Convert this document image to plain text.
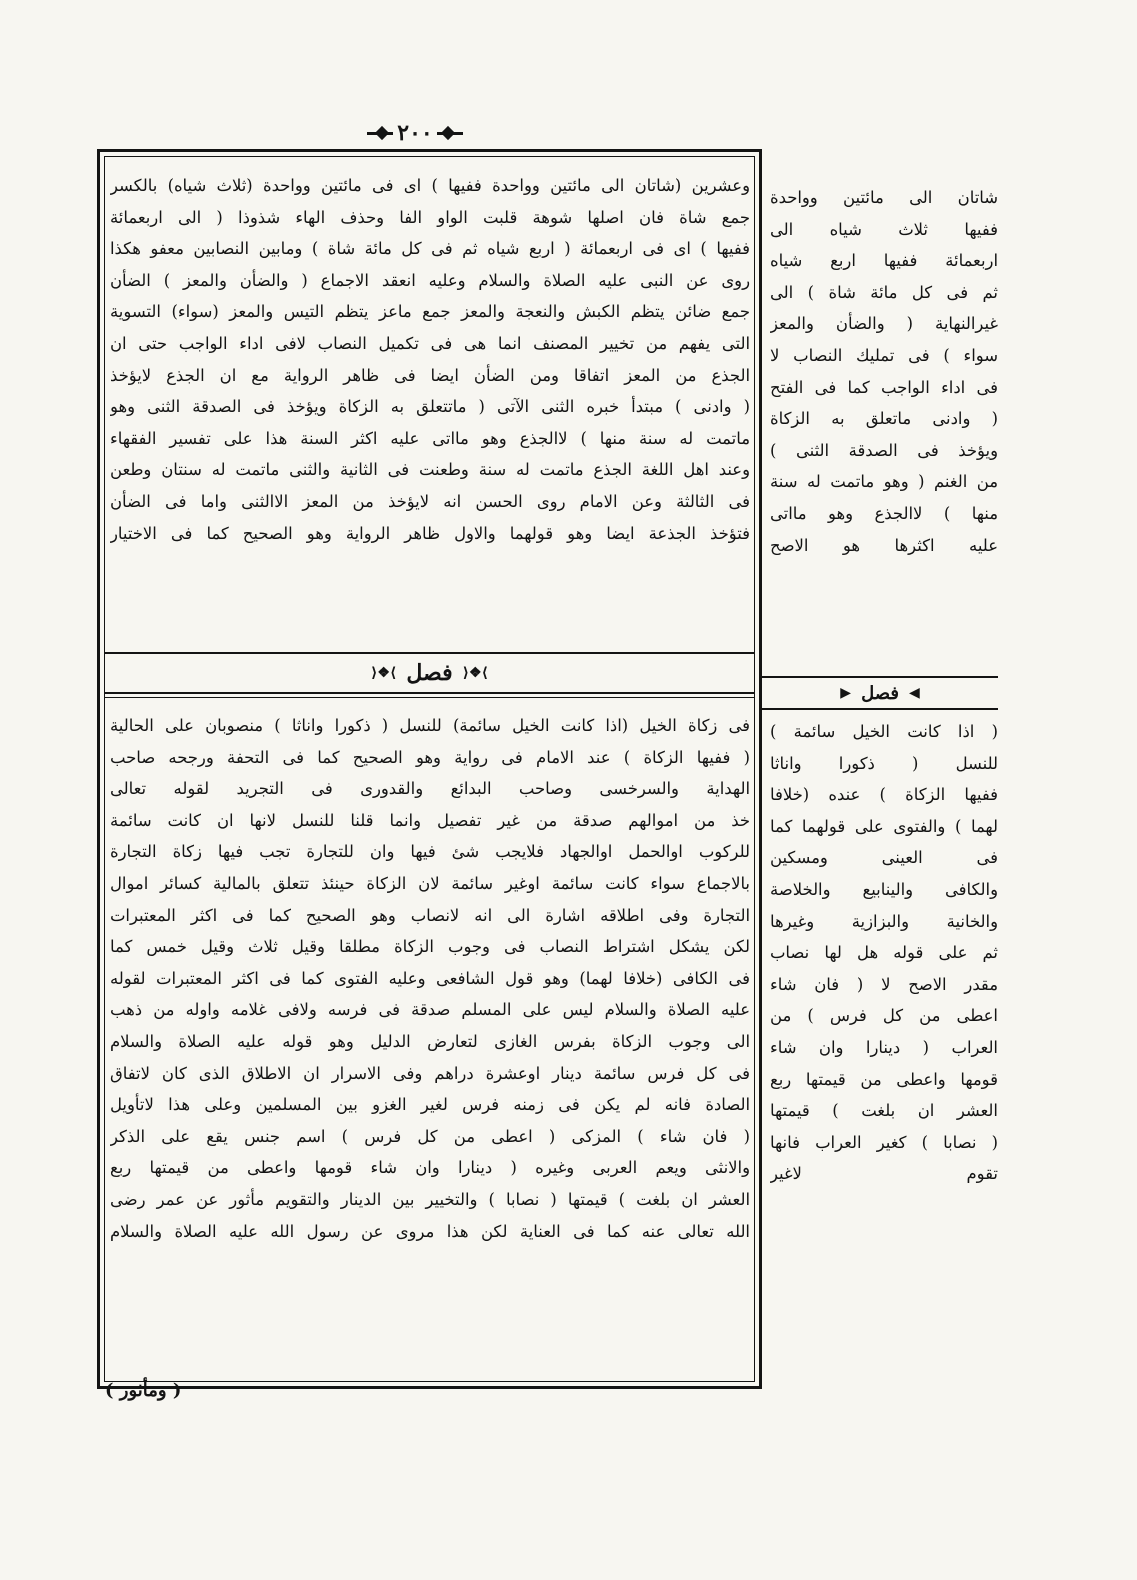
٢٠٠
وعشرين (شاتان الى مائتين وواحدة ففيها ) اى فى مائتين وواحدة (ثلاث شياه) بالكسر
جمع شاة فان اصلها شوهة قلبت الواو الفا وحذف الهاء شذوذا ( الى اربعمائة
ففيها ) اى فى اربعمائة ( اربع شياه ثم فى كل مائة شاة ) ومابين النصابين معفو هكذا
روى عن النبى عليه الصلاة والسلام وعليه انعقد الاجماع ( والضأن والمعز ) الضأن
جمع ضائن يتظم الكبش والنعجة والمعز جمع ماعز يتظم التيس والمعز (سواء) التسوية
التى يفهم من تخيير المصنف انما هى فى تكميل النصاب لافى اداء الواجب حتى ان
الجذع من المعز اتفاقا ومن الضأن ايضا فى ظاهر الرواية مع ان الجذع لايؤخذ
( وادنى ) مبتدأ خبره الثنى الآتى ( ماتتعلق به الزكاة ويؤخذ فى الصدقة الثنى وهو
ماتمت له سنة منها ) لاالجذع وهو مااتى عليه اكثر السنة هذا على تفسير الفقهاء
وعند اهل اللغة الجذع ماتمت له سنة وطعنت فى الثانية والثنى ماتمت له سنتان وطعن
فى الثالثة وعن الامام روى الحسن انه لايؤخذ من المعز الاالثنى واما فى الضأن
فتؤخذ الجذعة ايضا وهو قولهما والاول ظاهر الرواية وهو الصحيح كما فى الاختيار
⟩❖⟨
فصل
⟩❖⟨
فى زكاة الخيل (اذا كانت الخيل سائمة) للنسل ( ذكورا واناثا ) منصوبان على الحالية
( ففيها الزكاة ) عند الامام فى رواية وهو الصحيح كما فى التحفة ورجحه صاحب
الهداية والسرخسى وصاحب البدائع والقدورى فى التجريد لقوله تعالى
خذ من اموالهم صدقة من غير تفصيل وانما قلنا للنسل لانها ان كانت سائمة
للركوب اوالحمل اوالجهاد فلايجب شئ فيها وان للتجارة تجب فيها زكاة التجارة
بالاجماع سواء كانت سائمة اوغير سائمة لان الزكاة حينئذ تتعلق بالمالية كسائر اموال
التجارة وفى اطلاقه اشارة الى انه لانصاب وهو الصحيح كما فى اكثر المعتبرات
لكن يشكل اشتراط النصاب فى وجوب الزكاة مطلقا وقيل ثلاث وقيل خمس كما
فى الكافى (خلافا لهما) وهو قول الشافعى وعليه الفتوى كما فى اكثر المعتبرات لقوله
عليه الصلاة والسلام ليس على المسلم صدقة فى فرسه ولافى غلامه واوله من ذهب
الى وجوب الزكاة بفرس الغازى لتعارض الدليل وهو قوله عليه الصلاة والسلام
فى كل فرس سائمة دينار اوعشرة دراهم وفى الاسرار ان الاطلاق الذى كان لاتفاق
الصادة فانه لم يكن فى زمنه فرس لغير الغزو بين المسلمين وعلى هذا لاتأويل
( فان شاء ) المزكى ( اعطى من كل فرس ) اسم جنس يقع على الذكر
والانثى ويعم العربى وغيره ( دينارا وان شاء قومها واعطى من قيمتها ربع
العشر ان بلغت ) قيمتها ( نصابا ) والتخيير بين الدينار والتقويم مأثور عن عمر رضى
الله تعالى عنه كما فى العناية لكن هذا مروى عن رسول الله عليه الصلاة والسلام
شاتان الى مائتين وواحدة
ففيها ثلاث شياه الى
اربعمائة ففيها اربع شياه
ثم فى كل مائة شاة ) الى
غيرالنهاية ( والضأن والمعز
سواء ) فى تمليك النصاب لا
فى اداء الواجب كما فى الفتح
( وادنى ماتعلق به الزكاة
ويؤخذ فى الصدقة الثنى )
من الغنم ( وهو ماتمت له سنة
منها ) لاالجذع وهو مااتى
عليه اكثرها هو الاصح
◀
فصل
▶
( اذا كانت الخيل سائمة )
للنسل ( ذكورا واناثا
ففيها الزكاة ) عنده (خلافا
لهما ) والفتوى على قولهما كما
فى العينى ومسكين
والكافى والينابيع والخلاصة
والخانية والبزازية وغيرها
ثم على قوله هل لها نصاب
مقدر الاصح لا ( فان شاء
اعطى من كل فرس ) من
العراب ( دينارا وان شاء
قومها واعطى من قيمتها ربع
العشر ان بلغت ) قيمتها
( نصابا ) كغير العراب فانها
تقوم لاغير
( ومأثور )
